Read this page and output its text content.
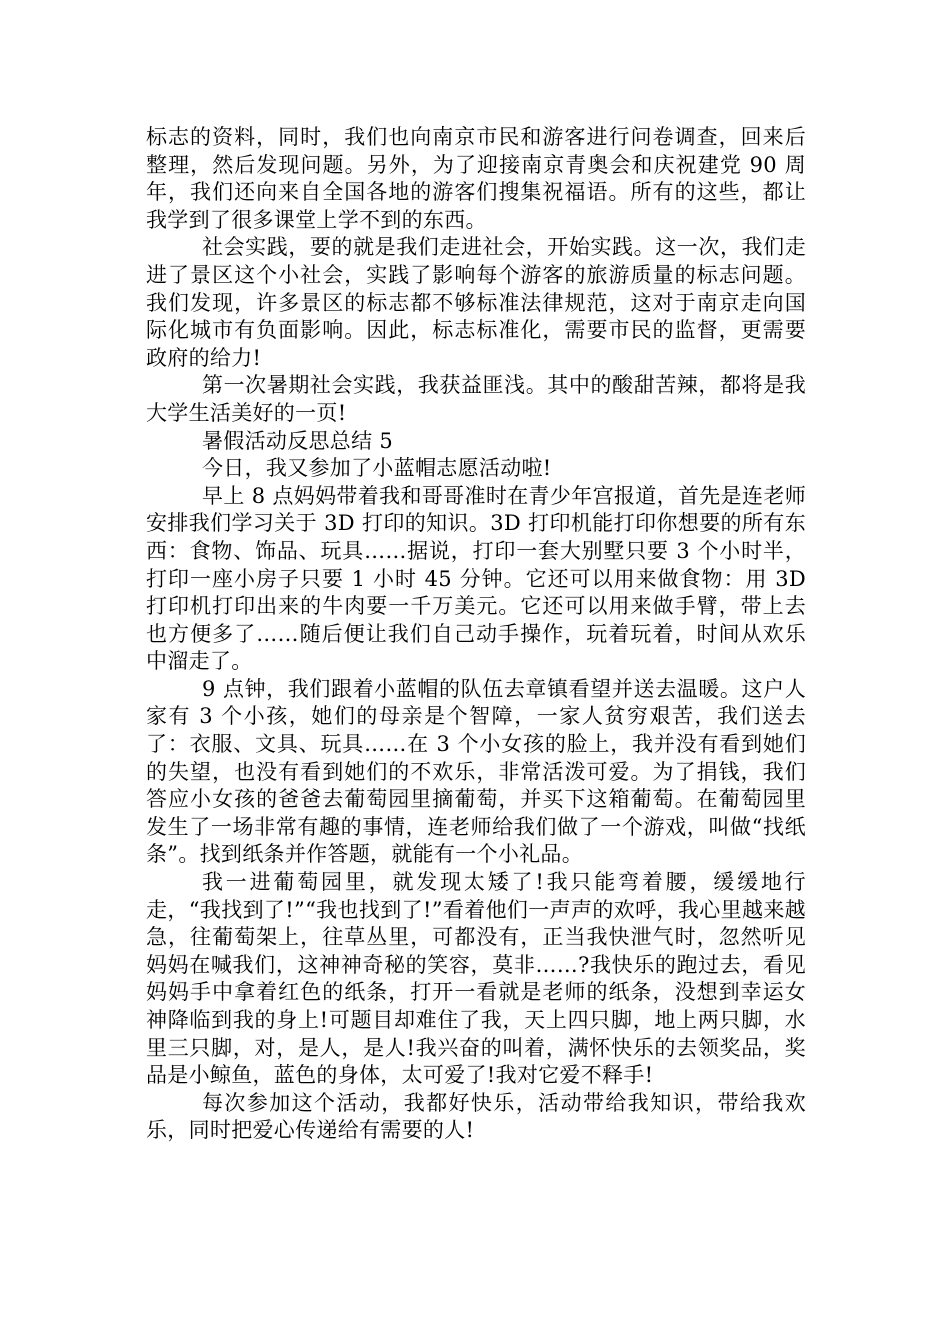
标志的资料，同时，我们也向南京市民和游客进行问卷调查，回来后整理，然后发现问题。另外，为了迎接南京青奥会和庆祝建党 90 周年，我们还向来自全国各地的游客们搜集祝福语。所有的这些，都让我学到了很多课堂上学不到的东西。

社会实践，要的就是我们走进社会，开始实践。这一次，我们走进了景区这个小社会，实践了影响每个游客的旅游质量的标志问题。我们发现，许多景区的标志都不够标准法律规范，这对于南京走向国际化城市有负面影响。因此，标志标准化，需要市民的监督，更需要政府的给力!

第一次暑期社会实践，我获益匪浅。其中的酸甜苦辣，都将是我大学生活美好的一页!

暑假活动反思总结 5

今日，我又参加了小蓝帽志愿活动啦!

早上 8 点妈妈带着我和哥哥准时在青少年宫报道，首先是连老师安排我们学习关于 3D 打印的知识。3D 打印机能打印你想要的所有东西：食物、饰品、玩具……据说，打印一套大别墅只要 3 个小时半，打印一座小房子只要 1 小时 45 分钟。它还可以用来做食物：用 3D 打印机打印出来的牛肉要一千万美元。它还可以用来做手臂，带上去也方便多了……随后便让我们自己动手操作，玩着玩着，时间从欢乐中溜走了。

9 点钟，我们跟着小蓝帽的队伍去章镇看望并送去温暖。这户人家有 3 个小孩，她们的母亲是个智障，一家人贫穷艰苦，我们送去了：衣服、文具、玩具……在 3 个小女孩的脸上，我并没有看到她们的失望，也没有看到她们的不欢乐，非常活泼可爱。为了捐钱，我们答应小女孩的爸爸去葡萄园里摘葡萄，并买下这箱葡萄。在葡萄园里发生了一场非常有趣的事情，连老师给我们做了一个游戏，叫做“找纸条”。找到纸条并作答题，就能有一个小礼品。

我一进葡萄园里，就发现太矮了!我只能弯着腰，缓缓地行走，“我找到了!”“我也找到了!”看着他们一声声的欢呼，我心里越来越急，往葡萄架上，往草丛里，可都没有，正当我快泄气时，忽然听见妈妈在喊我们，这神神奇秘的笑容，莫非……?我快乐的跑过去，看见妈妈手中拿着红色的纸条，打开一看就是老师的纸条，没想到幸运女神降临到我的身上!可题目却难住了我，天上四只脚，地上两只脚，水里三只脚，对，是人，是人!我兴奋的叫着，满怀快乐的去领奖品，奖品是小鲸鱼，蓝色的身体，太可爱了!我对它爱不释手!

每次参加这个活动，我都好快乐，活动带给我知识，带给我欢乐，同时把爱心传递给有需要的人!
